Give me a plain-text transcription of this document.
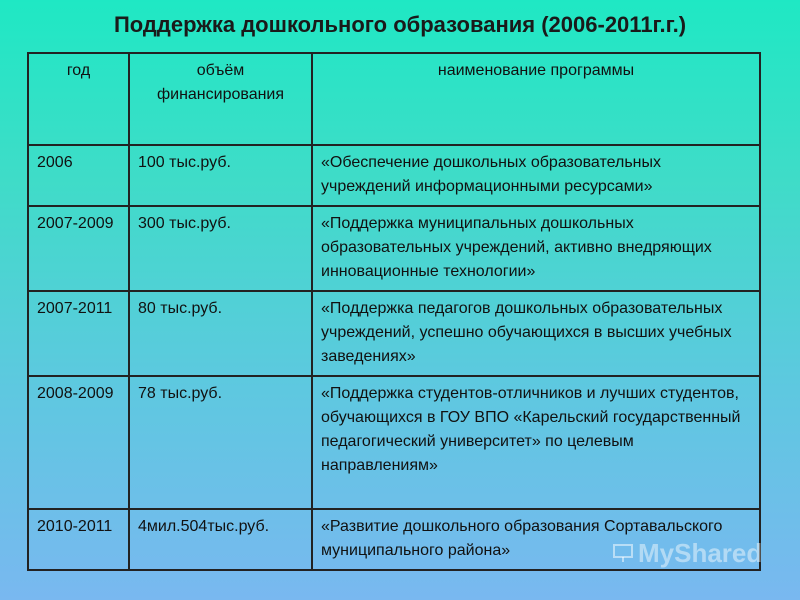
Поддержка дошкольного образования (2006-2011г.г.)
год	объём финансирования	наименование программы
2006	100 тыс.руб.	«Обеспечение дошкольных образовательных учреждений информационными ресурсами»
2007-2009	300 тыс.руб.	«Поддержка муниципальных дошкольных образовательных учреждений, активно внедряющих инновационные технологии»
2007-2011	80 тыс.руб.	«Поддержка педагогов дошкольных образовательных учреждений, успешно обучающихся в высших учебных заведениях»
2008-2009	78 тыс.руб.	«Поддержка студентов-отличников и лучших студентов, обучающихся в ГОУ ВПО «Карельский государственный педагогический университет» по целевым направлениям»
2010-2011	4мил.504тыс.руб.	«Развитие дошкольного образования Сортавальского муниципального района»	MyShared
